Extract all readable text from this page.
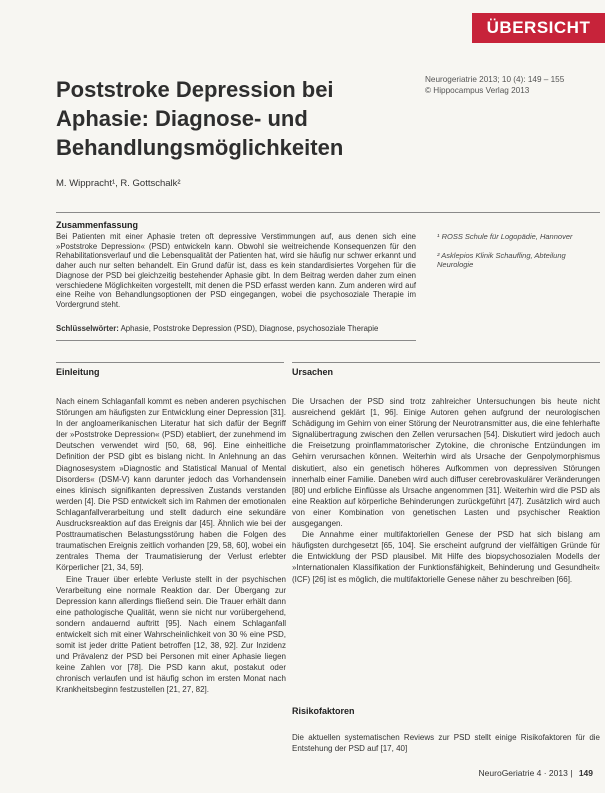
ÜBERSICHT
Poststroke Depression bei
Aphasie: Diagnose- und
Behandlungsmöglichkeiten
Neurogeriatrie 2013; 10 (4): 149 – 155
© Hippocampus Verlag 2013
M. Wippracht¹, R. Gottschalk²
Zusammenfassung
Bei Patienten mit einer Aphasie treten oft depressive Verstimmungen auf, aus denen sich eine »Poststroke Depression« (PSD) entwickeln kann. Obwohl sie weitreichende Konsequenzen für den Rehabilitationsverlauf und die Lebensqualität der Patienten hat, wird sie häufig nur schwer erkannt und daher auch nur selten behandelt. Ein Grund dafür ist, dass es kein standardisiertes Vorgehen für die Diagnose der PSD bei gleichzeitig bestehender Aphasie gibt. In dem Beitrag werden daher zum einen verschiedene Möglichkeiten vorgestellt, mit denen die PSD erfasst werden kann. Zum anderen wird auf eine Reihe von Behandlungsoptionen der PSD eingegangen, wobei die psychosoziale Therapie im Vordergrund steht.
¹ ROSS Schule für Logopädie, Hannover
² Asklepios Klinik Schaufling, Abteilung Neurologie
Schlüsselwörter: Aphasie, Poststroke Depression (PSD), Diagnose, psychosoziale Therapie
Einleitung

Nach einem Schlaganfall kommt es neben anderen psychischen Störungen am häufigsten zur Entwicklung einer Depression [31]. In der angloamerikanischen Literatur hat sich dafür der Begriff der »Poststroke Depression« (PSD) etabliert, der zunehmend im Deutschen verwendet wird [50, 68, 96]. Eine einheitliche Definition der PSD gibt es bislang nicht. In Anlehnung an das Diagnosesystem »Diagnostic and Statistical Manual of Mental Disorders« (DSM-V) kann darunter jedoch das Vorhandensein eines klinisch signifikanten depressiven Zustands verstanden werden [4]. Die PSD entwickelt sich im Rahmen der emotionalen Schlaganfallverarbeitung und stellt dadurch eine sekundäre Ausdrucksreaktion auf das Ereignis dar [45]. Ähnlich wie bei der Posttraumatischen Belastungsstörung haben die Folgen des traumatischen Ereignis zeitlich vorhanden [29, 58, 60], wobei ein zentrales Thema der Traumatisierung der Verlust erlebter Körperlicher [21, 34, 59].

Eine Trauer über erlebte Verluste stellt in der psychischen Verarbeitung eine normale Reaktion dar. Der Übergang zur Depression kann allerdings fließend sein. Die Trauer erhält dann eine pathologische Qualität, wenn sie nicht nur vorübergehend, sondern andauernd auftritt [95]. Nach einem Schlaganfall entwickelt sich mit einer Wahrscheinlichkeit von 30 % eine PSD, somit ist jeder dritte Patient betroffen [12, 38, 92]. Zur Inzidenz und Prävalenz der PSD bei Personen mit einer Aphasie liegen keine Zahlen vor [78]. Die PSD kann akut, postakut oder chronisch verlaufen und ist häufig schon im ersten Monat nach Krankheitsbeginn festzustellen [21, 27, 82].

Ursachen

Die Ursachen der PSD sind trotz zahlreicher Untersuchungen bis heute nicht ausreichend geklärt [1, 96]. Einige Autoren gehen aufgrund der neurologischen Schädigung im Gehirn von einer Störung der Neurotransmitter aus, die eine fehlerhafte Signalübertragung zwischen den Zellen verursachen [54]. Diskutiert wird jedoch auch die Freisetzung proinflammatorischer Zytokine, die chronische Entzündungen im Gehirn verursachen können. Weiterhin wird als Ursache der Genpolymorphismus diskutiert, also ein genetisch höheres Aufkommen von depressiven Störungen innerhalb einer Familie. Daneben wird auch diffuser cerebrovaskulärer Veränderungen [80] und erbliche Einflüsse als Ursache angenommen [31]. Weiterhin wird die PSD als eine Reaktion auf körperliche Behinderungen zurückgeführt [47]. Zusätzlich wird auch von einer Kombination von genetischen Lasten und psychischer Reaktion ausgegangen.

Die Annahme einer multifaktoriellen Genese der PSD hat sich bislang am häufigsten durchgesetzt [65, 104]. Sie erscheint aufgrund der vielfältigen Gründe für die Entwicklung der PSD plausibel. Mit Hilfe des biopsychosozialen Modells der »Internationalen Klassifikation der Funktionsfähigkeit, Behinderung und Gesundheit« (ICF) [26] ist es möglich, die multifaktorielle Genese näher zu beschreiben [66].

Risikofaktoren
Die aktuellen systematischen Reviews zur PSD stellt einige Risikofaktoren für die Entstehung der PSD auf [17, 40]
NeuroGeriatrie 4 · 2013 | 149
